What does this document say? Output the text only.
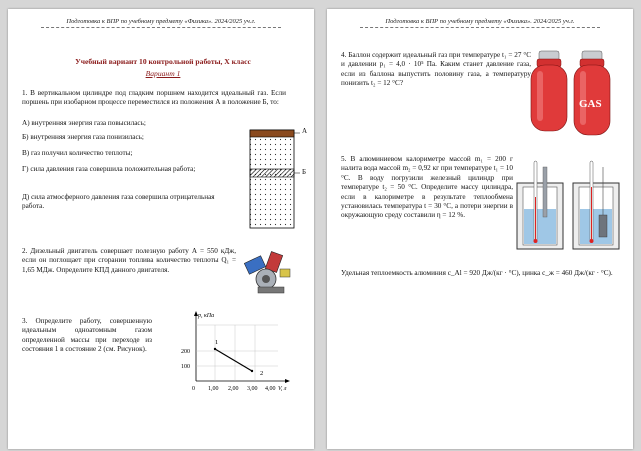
Подготовка к ВПР по учебному предмету «Физика». 2024/2025 уч.г.
Учебный вариант 10 контрольной работы, X класс
Вариант 1
1. В вертикальном цилиндре под гладким поршнем находится идеальный газ. Если поршень при изобарном процессе переместился из положения А в положение Б, то:
A) внутренняя энергия газа повысилась;
Б) внутренняя энергия газа понизилась;
В) газ получил количество теплоты;
Г) сила давления газа совершила положительная работа;
Д) сила атмосферного давления газа совершила отрицательная работа.
А
Б
2. Дизельный двигатель совершает полезную работу А = 550 кДж, если он поглощает при сгорании топлива количество теплоты Q₁ = 1,65 МДж. Определите КПД данного двигателя.
3. Определите работу, совершенную идеальным одноатомным газом определенной массы при переходе из состояния 1 в состояние 2 (см. Рисунок).
1
2
200
100
p, кПа
0 1,00 2,00 3,00 4,00 V, л
Подготовка к ВПР по учебному предмету «Физика». 2024/2025 уч.г.
4. Баллон содержит идеальный газ при температуре t₁ = 27 °С и давлении p₁ = 4,0 · 10⁵ Па. Каким станет давление газа, если из баллона выпустить половину газа, а температуру понизить t₂ = 12 °С?
GAS
5. В алюминиевом калориметре массой m₁ = 200 г налита вода массой m₂ = 0,92 кг при температуре t₁ = 10 °С. В воду погрузили железный цилиндр при температуре t₂ = 50 °С. Определите массу цилиндра, если в калориметре в результате теплообмена установилась температура t = 30 °С, а потери энергии в окружающую среду составили η = 12 %.
Удельная теплоемкость алюминия с_Al = 920 Дж/(кг · °С), цинка с_ж = 460 Дж/(кг · °С).
